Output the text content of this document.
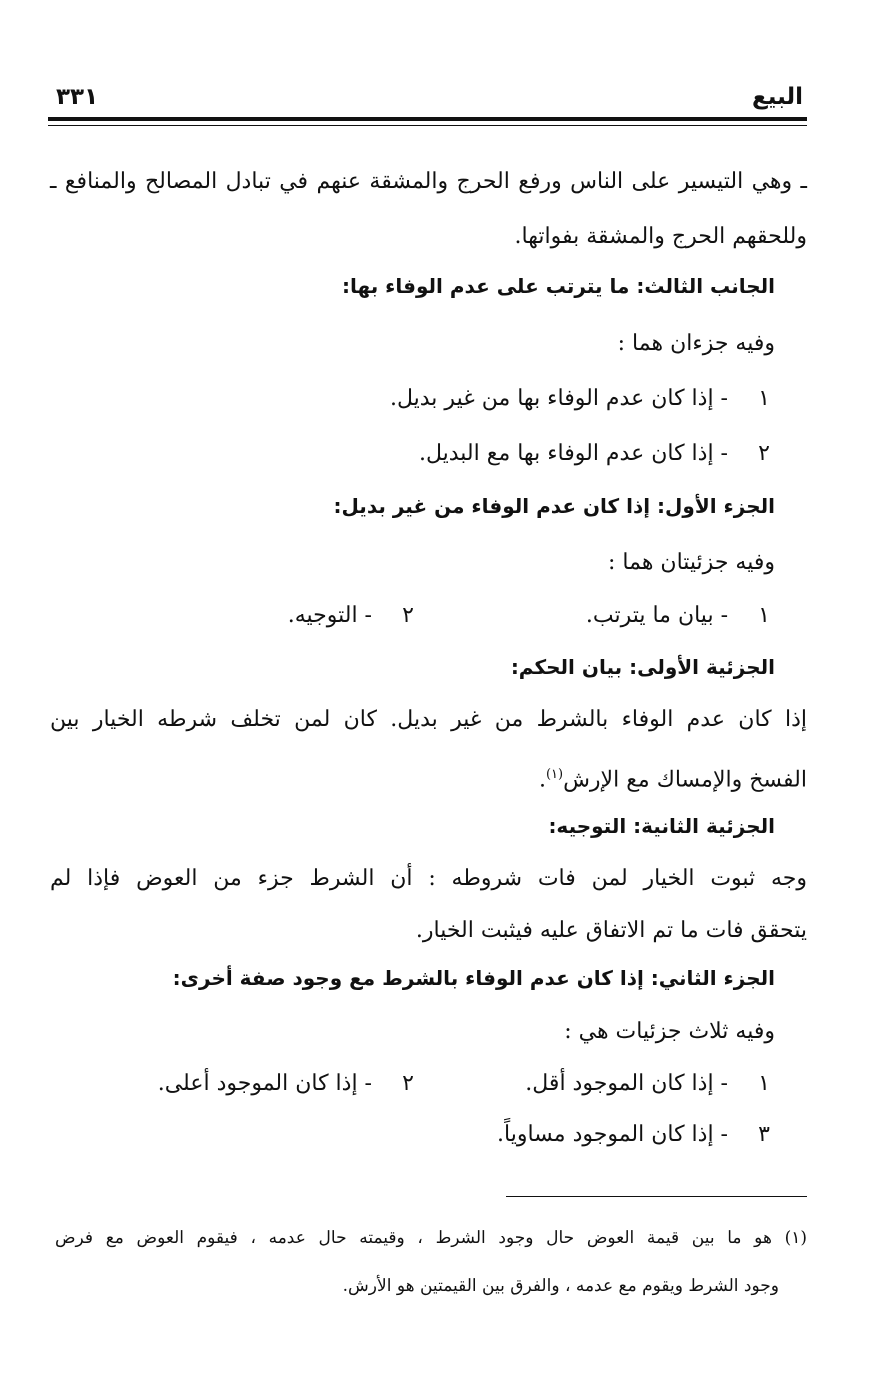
البيع
٣٣١
ـ وهي التيسير على الناس ورفع الحرج والمشقة عنهم في تبادل المصالح والمنافع ـ
وللحقهم الحرج والمشقة بفواتها.
الجانب الثالث: ما يترتب على عدم الوفاء بها:
وفيه جزءان هما :
١ - إذا كان عدم الوفاء بها من غير بديل.
٢ - إذا كان عدم الوفاء بها مع البديل.
الجزء الأول: إذا كان عدم الوفاء من غير بديل:
وفيه جزئيتان هما :
١ - بيان ما يترتب.
٢ - التوجيه.
الجزئية الأولى: بيان الحكم:
إذا كان عدم الوفاء بالشرط من غير بديل. كان لمن تخلف شرطه الخيار بين
الفسخ والإمساك مع الإرش$^{(١)}$.
الجزئية الثانية: التوجيه:
وجه ثبوت الخيار لمن فات شروطه : أن الشرط جزء من العوض فإذا لم
يتحقق فات ما تم الاتفاق عليه فيثبت الخيار.
الجزء الثاني: إذا كان عدم الوفاء بالشرط مع وجود صفة أخرى:
وفيه ثلاث جزئيات هي :
١ - إذا كان الموجود أقل.
٢ - إذا كان الموجود أعلى.
٣ - إذا كان الموجود مساوياً.
(١) هو ما بين قيمة العوض حال وجود الشرط ، وقيمته حال عدمه ، فيقوم العوض مع فرض
وجود الشرط ويقوم مع عدمه ، والفرق بين القيمتين هو الأرش.
